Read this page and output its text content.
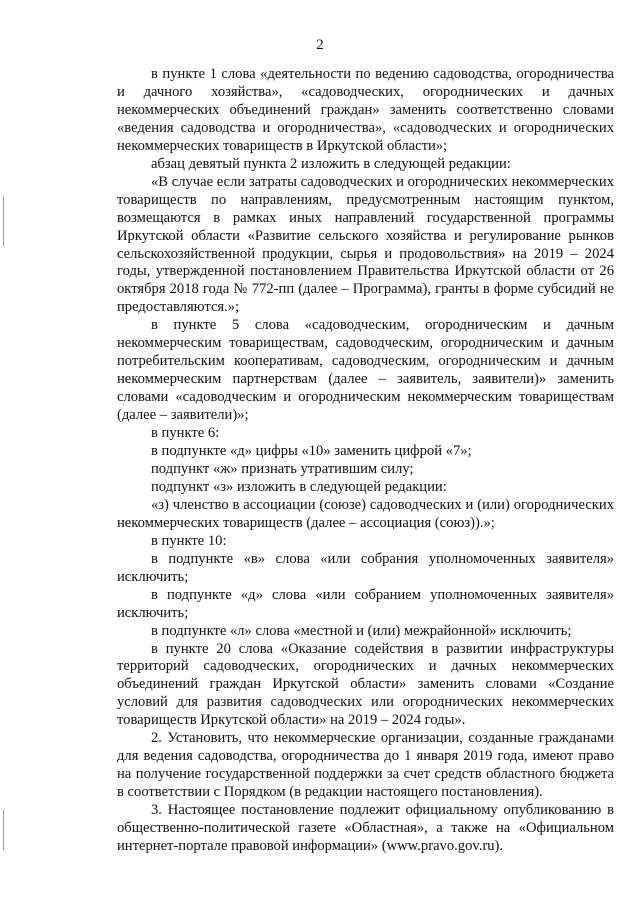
2

в пункте 1 слова «деятельности по ведению садоводства, огородничества и дачного хозяйства», «садоводческих, огороднических и дачных некоммерческих объединений граждан» заменить соответственно словами «ведения садоводства и огородничества», «садоводческих и огороднических некоммерческих товариществ в Иркутской области»;

абзац девятый пункта 2 изложить в следующей редакции:

«В случае если затраты садоводческих и огороднических некоммерческих товариществ по направлениям, предусмотренным настоящим пунктом, возмещаются в рамках иных направлений государственной программы Иркутской области «Развитие сельского хозяйства и регулирование рынков сельскохозяйственной продукции, сырья и продовольствия» на 2019 – 2024 годы, утвержденной постановлением Правительства Иркутской области от 26 октября 2018 года № 772-пп (далее – Программа), гранты в форме субсидий не предоставляются.»;

в пункте 5 слова «садоводческим, огородническим и дачным некоммерческим товариществам, садоводческим, огородническим и дачным потребительским кооперативам, садоводческим, огородническим и дачным некоммерческим партнерствам (далее – заявитель, заявители)» заменить словами «садоводческим и огородническим некоммерческим товариществам (далее – заявители)»;

в пункте 6:

в подпункте «д» цифры «10» заменить цифрой «7»;

подпункт «ж» признать утратившим силу;

подпункт «з» изложить в следующей редакции:

«з) членство в ассоциации (союзе) садоводческих и (или) огороднических некоммерческих товариществ (далее – ассоциация (союз)).»;

в пункте 10:

в подпункте «в» слова «или собрания уполномоченных заявителя» исключить;

в подпункте «д» слова «или собранием уполномоченных заявителя» исключить;

в подпункте «л» слова «местной и (или) межрайонной» исключить;

в пункте 20 слова «Оказание содействия в развитии инфраструктуры территорий садоводческих, огороднических и дачных некоммерческих объединений граждан Иркутской области» заменить словами «Создание условий для развития садоводческих или огороднических некоммерческих товариществ Иркутской области» на 2019 – 2024 годы».

2. Установить, что некоммерческие организации, созданные гражданами для ведения садоводства, огородничества до 1 января 2019 года, имеют право на получение государственной поддержки за счет средств областного бюджета в соответствии с Порядком (в редакции настоящего постановления).

3. Настоящее постановление подлежит официальному опубликованию в общественно-политической газете «Областная», а также на «Официальном интернет-портале правовой информации» (www.pravo.gov.ru).
